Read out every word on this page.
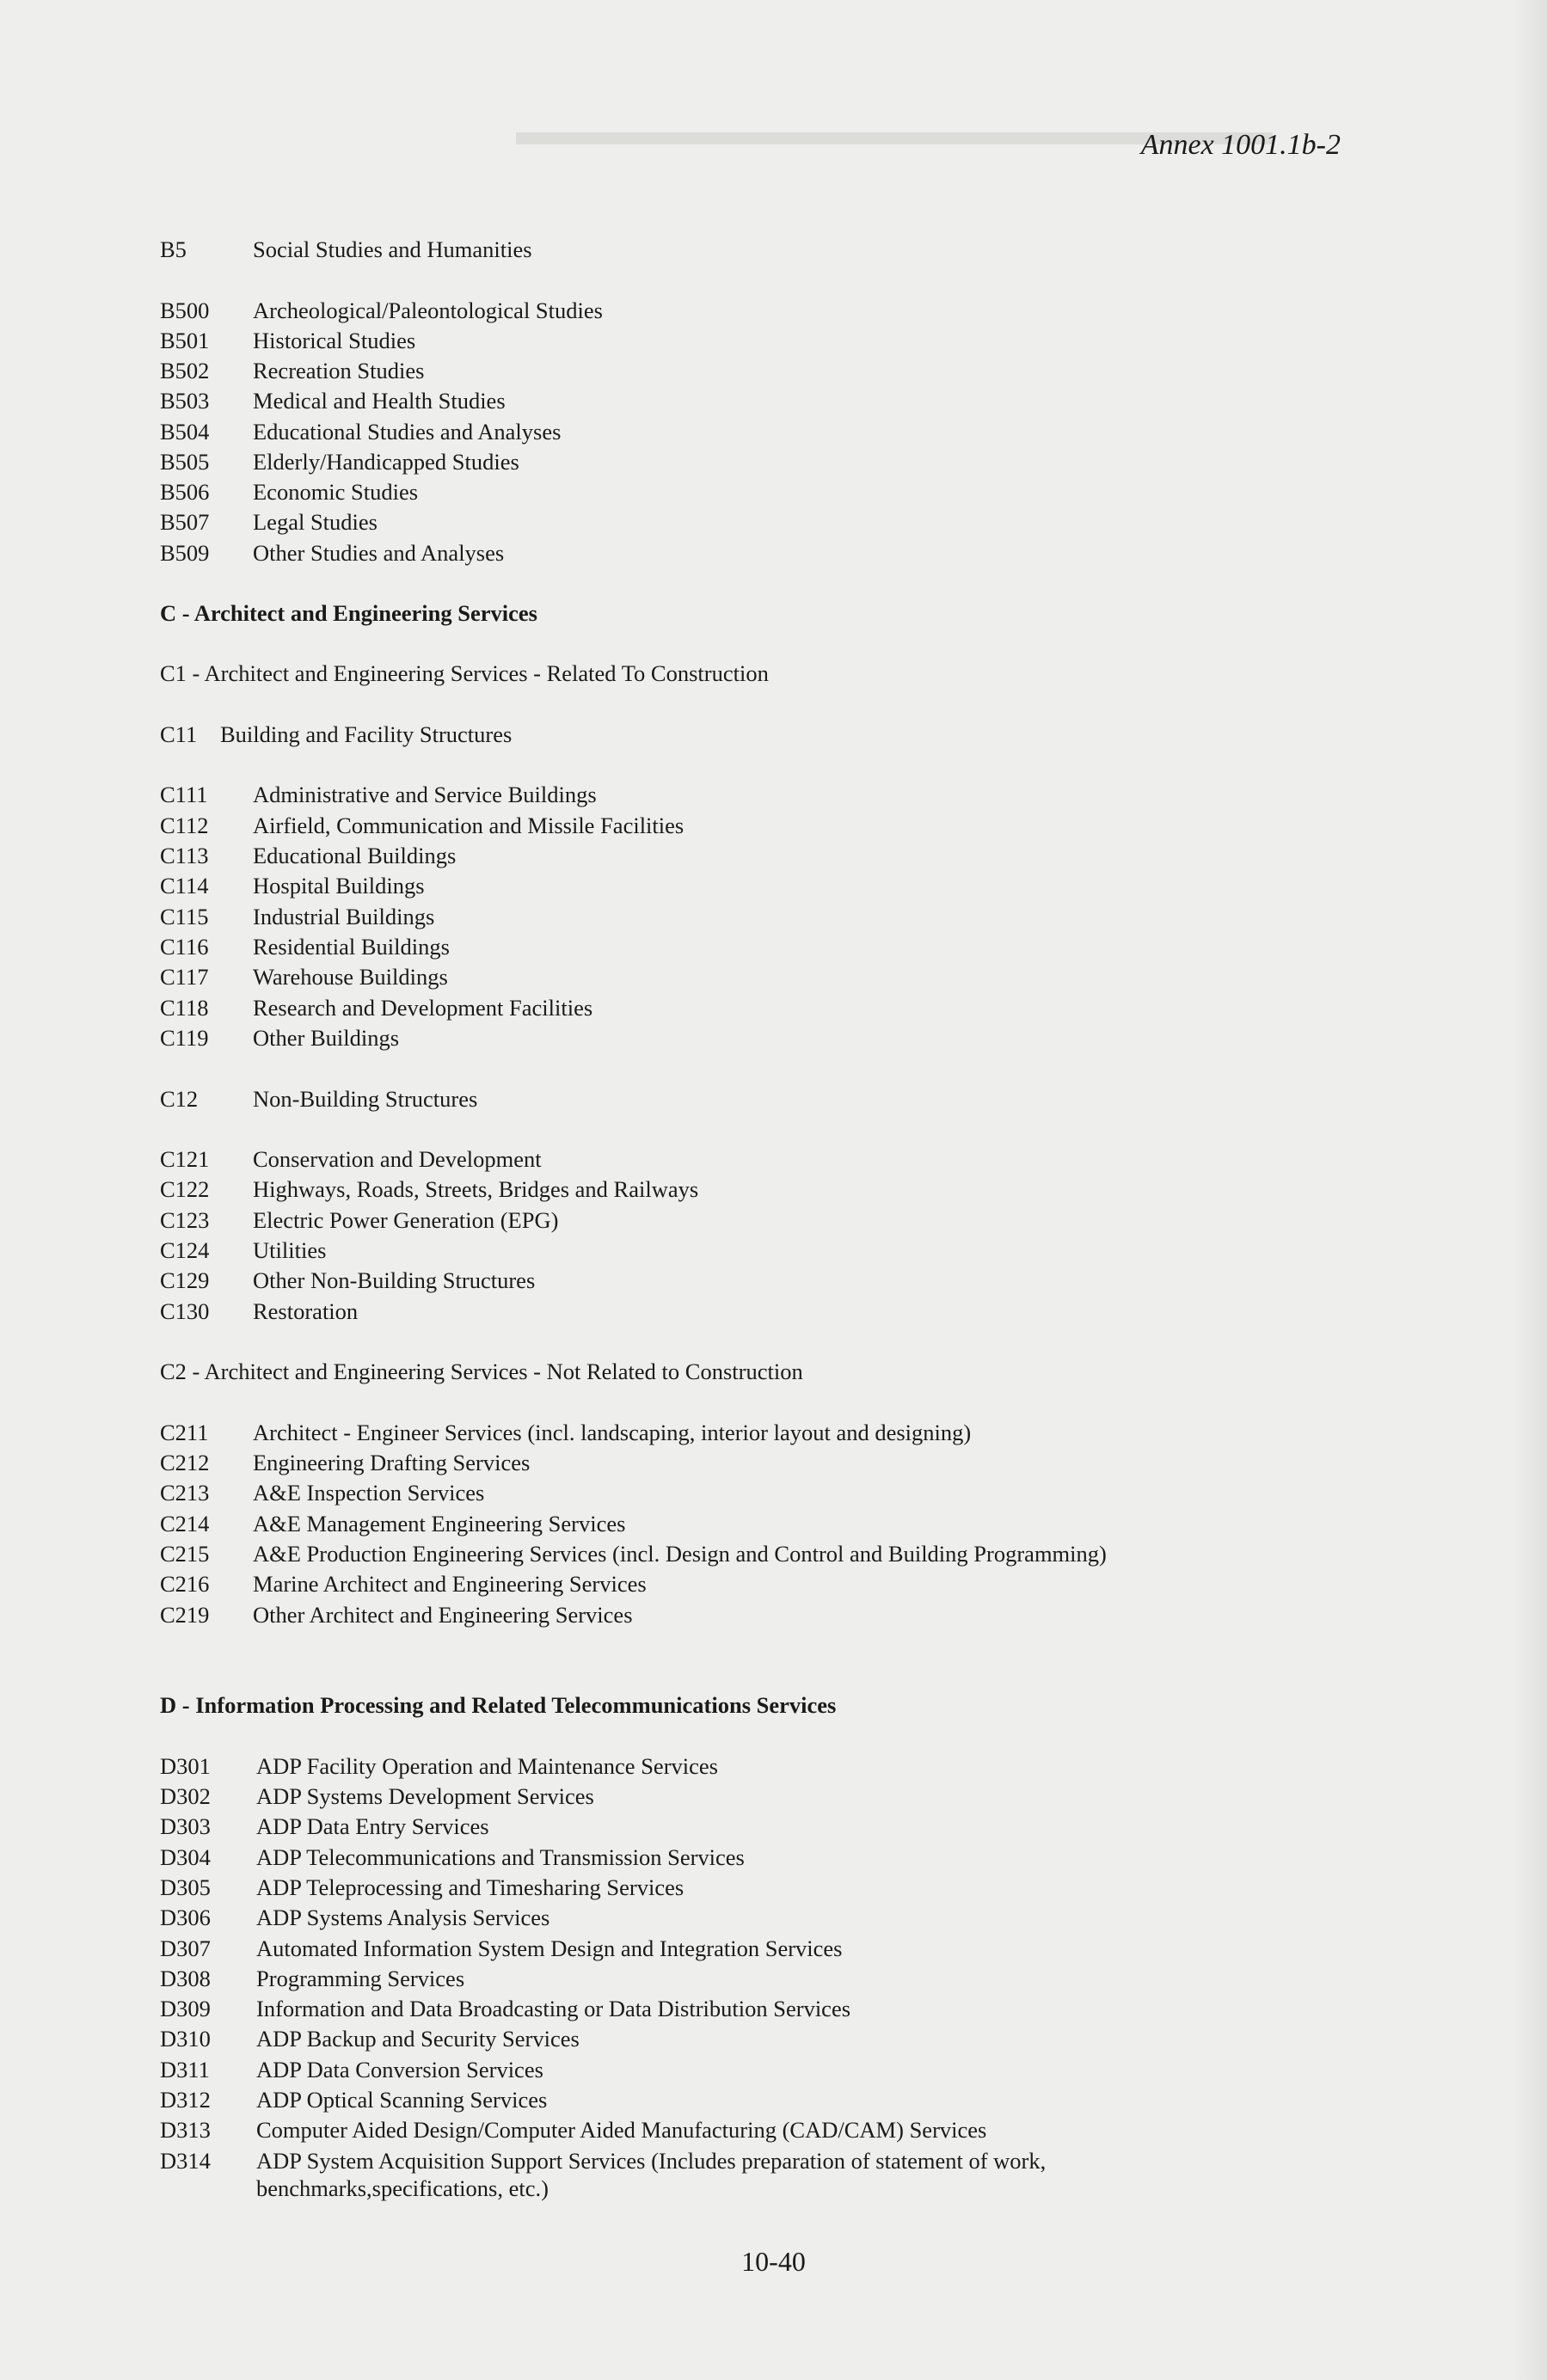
Annex 1001.1b-2
B5	Social Studies and Humanities
B500 Archeological/Paleontological Studies
B501 Historical Studies
B502 Recreation Studies
B503 Medical and Health Studies
B504 Educational Studies and Analyses
B505 Elderly/Handicapped Studies
B506 Economic Studies
B507 Legal Studies
B509 Other Studies and Analyses
C - Architect and Engineering Services
C1 - Architect and Engineering Services - Related To Construction
C11 Building and Facility Structures
C111 Administrative and Service Buildings
C112 Airfield, Communication and Missile Facilities
C113 Educational Buildings
C114 Hospital Buildings
C115 Industrial Buildings
C116 Residential Buildings
C117 Warehouse Buildings
C118 Research and Development Facilities
C119 Other Buildings
C12 Non-Building Structures
C121 Conservation and Development
C122 Highways, Roads, Streets, Bridges and Railways
C123 Electric Power Generation (EPG)
C124 Utilities
C129 Other Non-Building Structures
C130 Restoration
C2 - Architect and Engineering Services - Not Related to Construction
C211 Architect - Engineer Services (incl. landscaping, interior layout and designing)
C212 Engineering Drafting Services
C213 A&E Inspection Services
C214 A&E Management Engineering Services
C215 A&E Production Engineering Services (incl. Design and Control and Building Programming)
C216 Marine Architect and Engineering Services
C219 Other Architect and Engineering Services
D - Information Processing and Related Telecommunications Services
D301 ADP Facility Operation and Maintenance Services
D302 ADP Systems Development Services
D303 ADP Data Entry Services
D304 ADP Telecommunications and Transmission Services
D305 ADP Teleprocessing and Timesharing Services
D306 ADP Systems Analysis Services
D307 Automated Information System Design and Integration Services
D308 Programming Services
D309 Information and Data Broadcasting or Data Distribution Services
D310 ADP Backup and Security Services
D311 ADP Data Conversion Services
D312 ADP Optical Scanning Services
D313 Computer Aided Design/Computer Aided Manufacturing (CAD/CAM) Services
D314 ADP System Acquisition Support Services (Includes preparation of statement of work,
benchmarks,specifications, etc.)
10-40
